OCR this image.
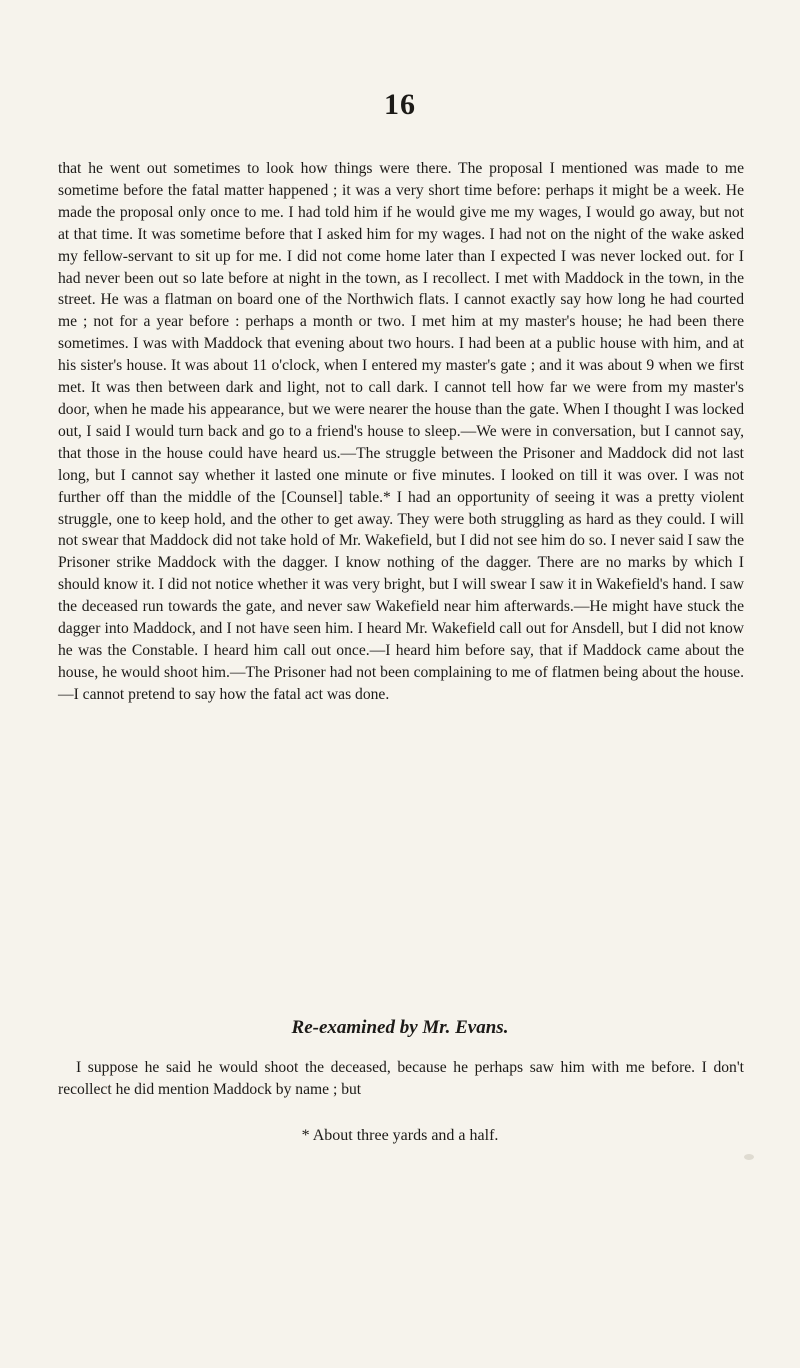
16

that he went out sometimes to look how things were there. The proposal I mentioned was made to me sometime before the fatal matter happened ; it was a very short time before: perhaps it might be a week. He made the proposal only once to me. I had told him if he would give me my wages, I would go away, but not at that time. It was sometime before that I asked him for my wages. I had not on the night of the wake asked my fellow-servant to sit up for me. I did not come home later than I expected I was never locked out. for I had never been out so late before at night in the town, as I recollect. I met with Maddock in the town, in the street. He was a flatman on board one of the Northwich flats. I cannot exactly say how long he had courted me ; not for a year before : perhaps a month or two. I met him at my master's house; he had been there sometimes. I was with Maddock that evening about two hours. I had been at a public house with him, and at his sister's house. It was about 11 o'clock, when I entered my master's gate ; and it was about 9 when we first met. It was then between dark and light, not to call dark. I cannot tell how far we were from my master's door, when he made his appearance, but we were nearer the house than the gate. When I thought I was locked out, I said I would turn back and go to a friend's house to sleep.—We were in conversation, but I cannot say, that those in the house could have heard us.—The struggle between the Prisoner and Maddock did not last long, but I cannot say whether it lasted one minute or five minutes. I looked on till it was over. I was not further off than the middle of the [Counsel] table.* I had an opportunity of seeing it was a pretty violent struggle, one to keep hold, and the other to get away. They were both struggling as hard as they could. I will not swear that Maddock did not take hold of Mr. Wakefield, but I did not see him do so. I never said I saw the Prisoner strike Maddock with the dagger. I know nothing of the dagger. There are no marks by which I should know it. I did not notice whether it was very bright, but I will swear I saw it in Wakefield's hand. I saw the deceased run towards the gate, and never saw Wakefield near him afterwards.—He might have stuck the dagger into Maddock, and I not have seen him. I heard Mr. Wakefield call out for Ansdell, but I did not know he was the Constable. I heard him call out once.—I heard him before say, that if Maddock came about the house, he would shoot him.—The Prisoner had not been complaining to me of flatmen being about the house.—I cannot pretend to say how the fatal act was done.

Re-examined by Mr. Evans.

I suppose he said he would shoot the deceased, because he perhaps saw him with me before. I don't recollect he did mention Maddock by name ; but

* About three yards and a half.
